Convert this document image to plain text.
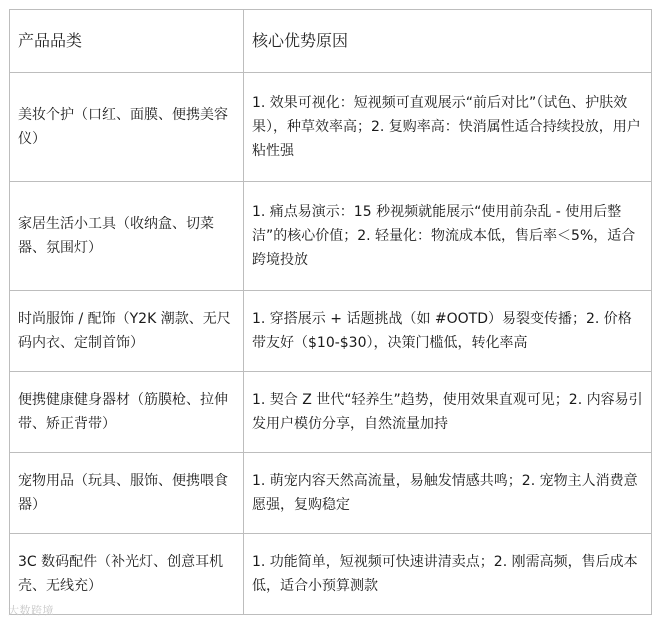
产品品类	核心优势原因

美妆个护（口红、面膜、便携美容仪）	1. 效果可视化：短视频可直观展示“前后对比”（试色、护肤效果），种草效率高；2. 复购率高：快消属性适合持续投放，用户粘性强

家居生活小工具（收纳盒、切菜器、氛围灯）	1. 痛点易演示：15 秒视频就能展示“使用前杂乱 - 使用后整洁”的核心价值；2. 轻量化：物流成本低，售后率＜5%，适合跨境投放

时尚服饰 / 配饰（Y2K 潮款、无尺码内衣、定制首饰）	1. 穿搭展示 + 话题挑战（如 #OOTD）易裂变传播；2. 价格带友好（$10-$30），决策门槛低，转化率高

便携健康健身器材（筋膜枪、拉伸带、矫正背带）	1. 契合 Z 世代“轻养生”趋势，使用效果直观可见；2. 内容易引发用户模仿分享，自然流量加持

宠物用品（玩具、服饰、便携喂食器）	1. 萌宠内容天然高流量，易触发情感共鸣；2. 宠物主人消费意愿强，复购稳定

3C 数码配件（补光灯、创意耳机壳、无线充）	1. 功能简单，短视频可快速讲清卖点；2. 刚需高频，售后成本低，适合小预算测款
大数跨境
